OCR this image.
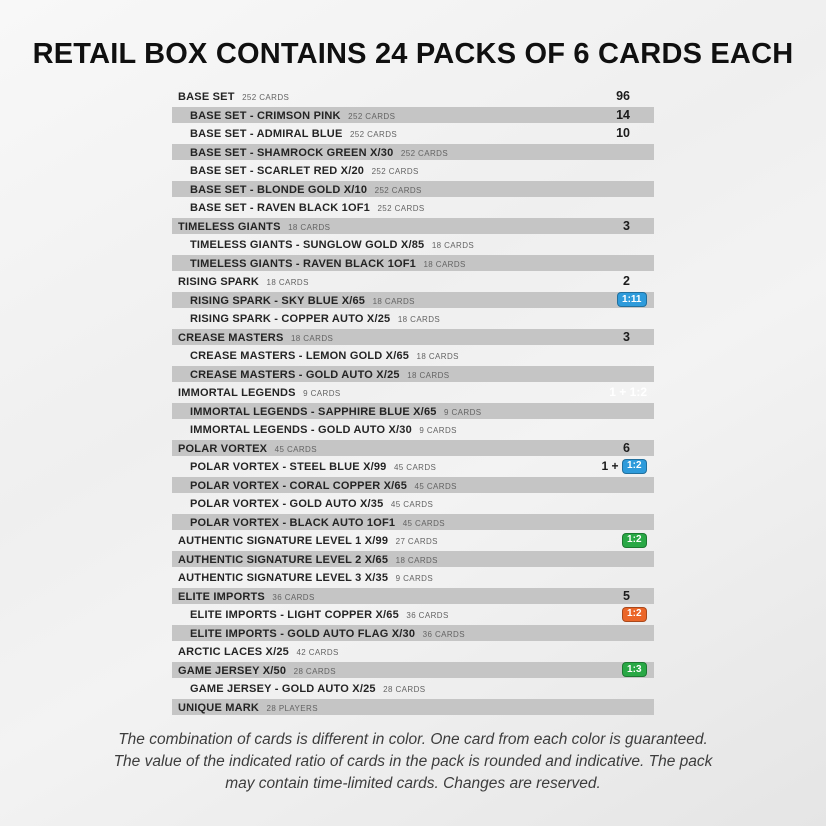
RETAIL BOX CONTAINS 24 PACKS OF 6 CARDS EACH
BASE SET 252 CARDS	96
BASE SET - CRIMSON PINK 252 CARDS	14
BASE SET - ADMIRAL BLUE 252 CARDS	10
BASE SET - SHAMROCK GREEN X/30 252 CARDS
BASE SET - SCARLET RED X/20 252 CARDS
BASE SET - BLONDE GOLD X/10 252 CARDS
BASE SET - RAVEN BLACK 1OF1 252 CARDS
TIMELESS GIANTS 18 CARDS	3
TIMELESS GIANTS - SUNGLOW GOLD X/85 18 CARDS
TIMELESS GIANTS - RAVEN BLACK 1OF1 18 CARDS
RISING SPARK 18 CARDS	2
RISING SPARK - SKY BLUE X/65 18 CARDS	1:11
RISING SPARK - COPPER AUTO X/25 18 CARDS
CREASE MASTERS 18 CARDS	3
CREASE MASTERS - LEMON GOLD X/65 18 CARDS
CREASE MASTERS - GOLD AUTO X/25 18 CARDS
IMMORTAL LEGENDS 9 CARDS	1 + 1:2
IMMORTAL LEGENDS - SAPPHIRE BLUE X/65 9 CARDS
IMMORTAL LEGENDS - GOLD AUTO X/30 9 CARDS
POLAR VORTEX 45 CARDS	6
POLAR VORTEX - STEEL BLUE X/99 45 CARDS	1 + 1:2
POLAR VORTEX - CORAL COPPER X/65 45 CARDS
POLAR VORTEX - GOLD AUTO X/35 45 CARDS
POLAR VORTEX - BLACK AUTO 1OF1 45 CARDS
AUTHENTIC SIGNATURE LEVEL 1 X/99 27 CARDS	1:2
AUTHENTIC SIGNATURE LEVEL 2 X/65 18 CARDS
AUTHENTIC SIGNATURE LEVEL 3 X/35 9 CARDS
ELITE IMPORTS 36 CARDS	5
ELITE IMPORTS - LIGHT COPPER X/65 36 CARDS	1:2
ELITE IMPORTS - GOLD AUTO FLAG X/30 36 CARDS
ARCTIC LACES X/25 42 CARDS
GAME JERSEY X/50 28 CARDS	1:3
GAME JERSEY - GOLD AUTO X/25 28 CARDS
UNIQUE MARK 28 PLAYERS
The combination of cards is different in color. One card from each color is guaranteed.
The value of the indicated ratio of cards in the pack is rounded and indicative. The pack
may contain time-limited cards. Changes are reserved.
